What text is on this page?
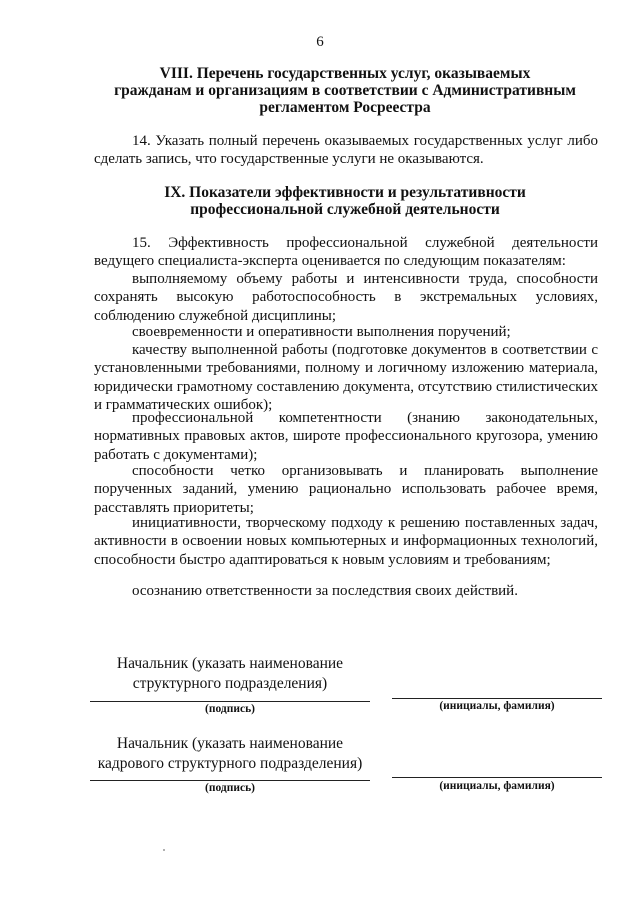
6
VIII. Перечень государственных услуг, оказываемых
гражданам и организациям в соответствии с Административным
регламентом Росреестра

14. Указать полный перечень оказываемых государственных услуг либо сделать запись, что государственные услуги не оказываются.

IX. Показатели эффективности и результативности
профессиональной служебной деятельности

15. Эффективность профессиональной служебной деятельности ведущего специалиста-эксперта оценивается по следующим показателям:

выполняемому объему работы и интенсивности труда, способности сохранять высокую работоспособность в экстремальных условиях, соблюдению служебной дисциплины;

своевременности и оперативности выполнения поручений;

качеству выполненной работы (подготовке документов в соответствии с установленными требованиями, полному и логичному изложению материала, юридически грамотному составлению документа, отсутствию стилистических и грамматических ошибок);

профессиональной компетентности (знанию законодательных, нормативных правовых актов, широте профессионального кругозора, умению работать с документами);

способности четко организовывать и планировать выполнение порученных заданий, умению рационально использовать рабочее время, расставлять приоритеты;

инициативности, творческому подходу к решению поставленных задач, активности в освоении новых компьютерных и информационных технологий, способности быстро адаптироваться к новым условиям и требованиям;

осознанию ответственности за последствия своих действий.

Начальник (указать наименование
структурного подразделения)
(подпись)	(инициалы, фамилия)
Начальник (указать наименование
кадрового структурного подразделения)
(подпись)	(инициалы, фамилия)
